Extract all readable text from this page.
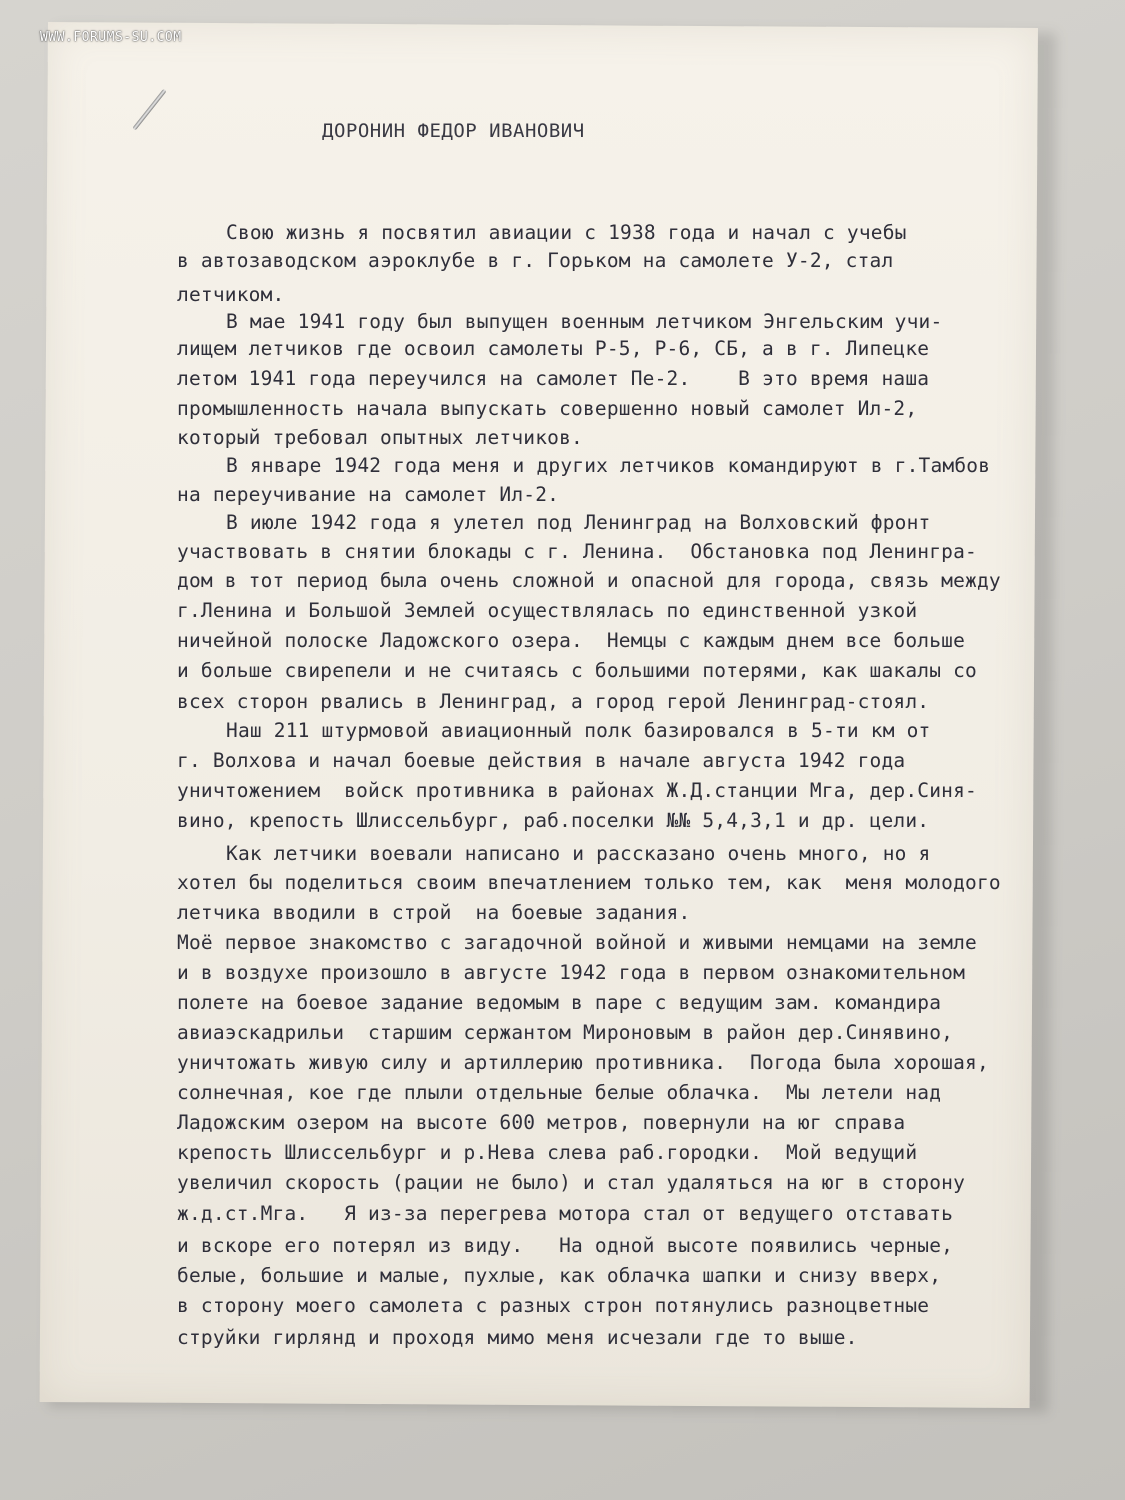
WWW.FORUMS-SU.COM
ДОРОНИН ФЕДОР ИВАНОВИЧ
Свою жизнь я посвятил авиации с 1938 года и начал с учебы
в автозаводском аэроклубе в г. Горьком на самолете У-2, стал
летчиком.
В мае 1941 году был выпущен военным летчиком Энгельским учи-
лищем летчиков где освоил самолеты Р-5, Р-6, СБ, а в г. Липецке
летом 1941 года переучился на самолет Пе-2.    В это время наша
промышленность начала выпускать совершенно новый самолет Ил-2,
который требовал опытных летчиков.
В январе 1942 года меня и других летчиков командируют в г.Тамбов
на переучивание на самолет Ил-2.
В июле 1942 года я улетел под Ленинград на Волховский фронт
участвовать в снятии блокады с г. Ленина.  Обстановка под Ленингра-
дом в тот период была очень сложной и опасной для города, связь между
г.Ленина и Большой Землей осуществлялась по единственной узкой
ничейной полоске Ладожского озера.  Немцы с каждым днем все больше
и больше свирепели и не считаясь с большими потерями, как шакалы со
всех сторон рвались в Ленинград, а город герой Ленинград-стоял.
Наш 211 штурмовой авиационный полк базировался в 5-ти км от
г. Волхова и начал боевые действия в начале августа 1942 года
уничтожением  войск противника в районах Ж.Д.станции Мга, дер.Синя-
вино, крепость Шлиссельбург, раб.поселки №№ 5,4,3,1 и др. цели.
Как летчики воевали написано и рассказано очень много, но я
хотел бы поделиться своим впечатлением только тем, как  меня молодого
летчика вводили в строй  на боевые задания.
Моё первое знакомство с загадочной войной и живыми немцами на земле
и в воздухе произошло в августе 1942 года в первом ознакомительном
полете на боевое задание ведомым в паре с ведущим зам. командира
авиаэскадрильи  старшим сержантом Мироновым в район дер.Синявино,
уничтожать живую силу и артиллерию противника.  Погода была хорошая,
солнечная, кое где плыли отдельные белые облачка.  Мы летели над
Ладожским озером на высоте 600 метров, повернули на юг справа
крепость Шлиссельбург и р.Нева слева раб.городки.  Мой ведущий
увеличил скорость (рации не было) и стал удаляться на юг в сторону
ж.д.ст.Мга.   Я из-за перегрева мотора стал от ведущего отставать
и вскоре его потерял из виду.   На одной высоте появились черные,
белые, большие и малые, пухлые, как облачка шапки и снизу вверх,
в сторону моего самолета с разных строн потянулись разноцветные
струйки гирлянд и проходя мимо меня исчезали где то выше.
